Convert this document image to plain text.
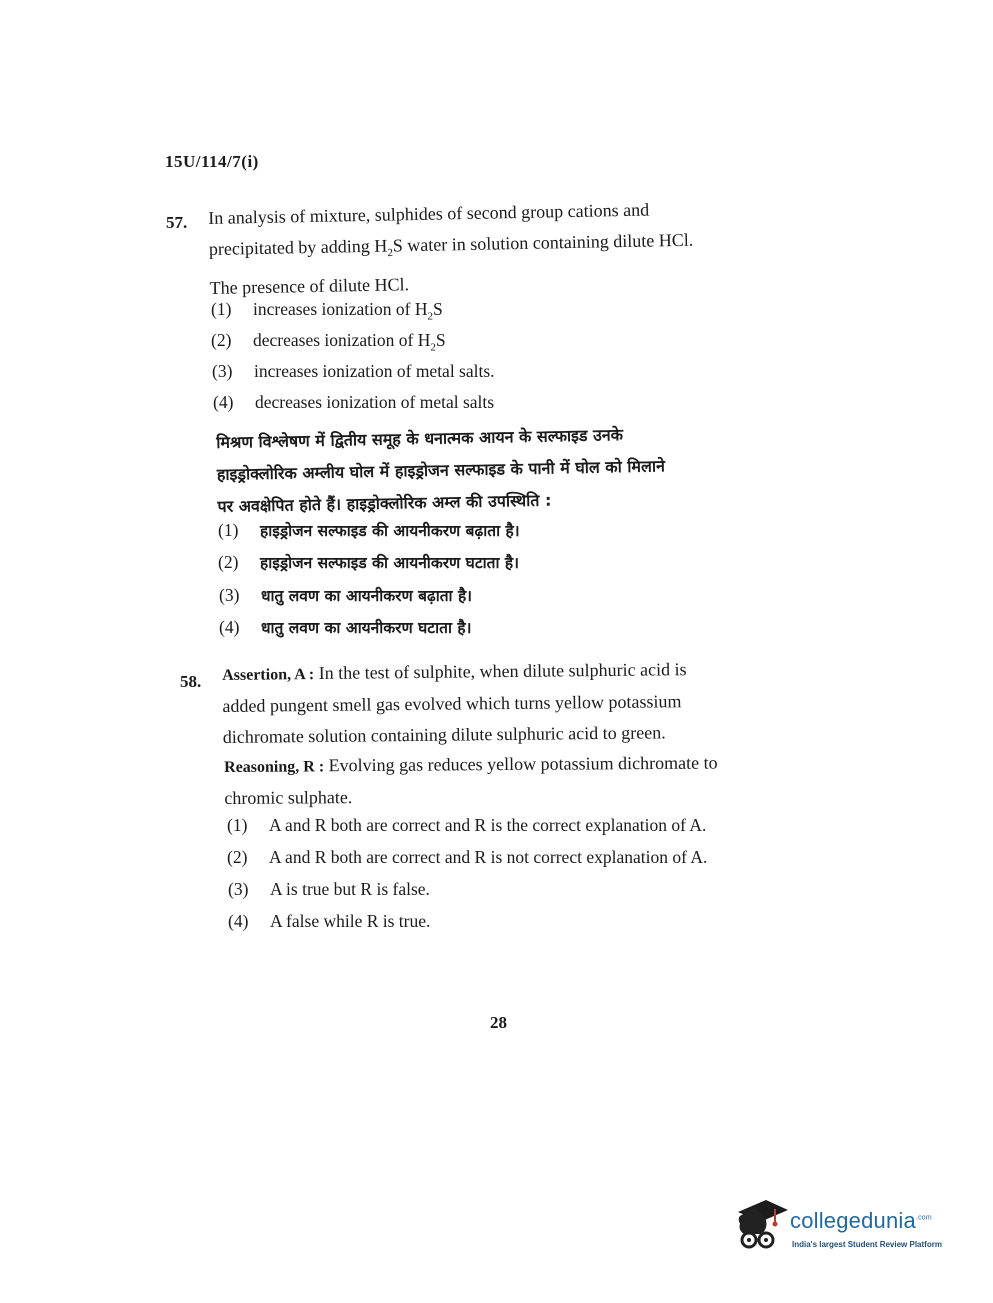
15U/114/7(i)
57. In analysis of mixture, sulphides of second group cations and
precipitated by adding $H_2S$ water in solution containing dilute HCl.
The presence of dilute HCl.
(1) increases ionization of $H_2S$
(2) decreases ionization of $H_2S$
(3) increases ionization of metal salts.
(4) decreases ionization of metal salts
मिश्रण विश्लेषण में द्वितीय समूह के धनात्मक आयन के सल्फाइड उनके
हाइड्रोक्लोरिक अम्लीय घोल में हाइड्रोजन सल्फाइड के पानी में घोल को मिलाने
पर अवक्षेपित होते हैं। हाइड्रोक्लोरिक अम्ल की उपस्थिति :
(1) हाइड्रोजन सल्फाइड की आयनीकरण बढ़ाता है।
(2) हाइड्रोजन सल्फाइड की आयनीकरण घटाता है।
(3) धातु लवण का आयनीकरण बढ़ाता है।
(4) धातु लवण का आयनीकरण घटाता है।
58. Assertion, A : In the test of sulphite, when dilute sulphuric acid is
added pungent smell gas evolved which turns yellow potassium
dichromate solution containing dilute sulphuric acid to green.
Reasoning, R : Evolving gas reduces yellow potassium dichromate to
chromic sulphate.
(1) A and R both are correct and R is the correct explanation of A.
(2) A and R both are correct and R is not correct explanation of A.
(3) A is true but R is false.
(4) A false while R is true.
28
collegedunia$^{.com}$
India's largest Student Review Platform
